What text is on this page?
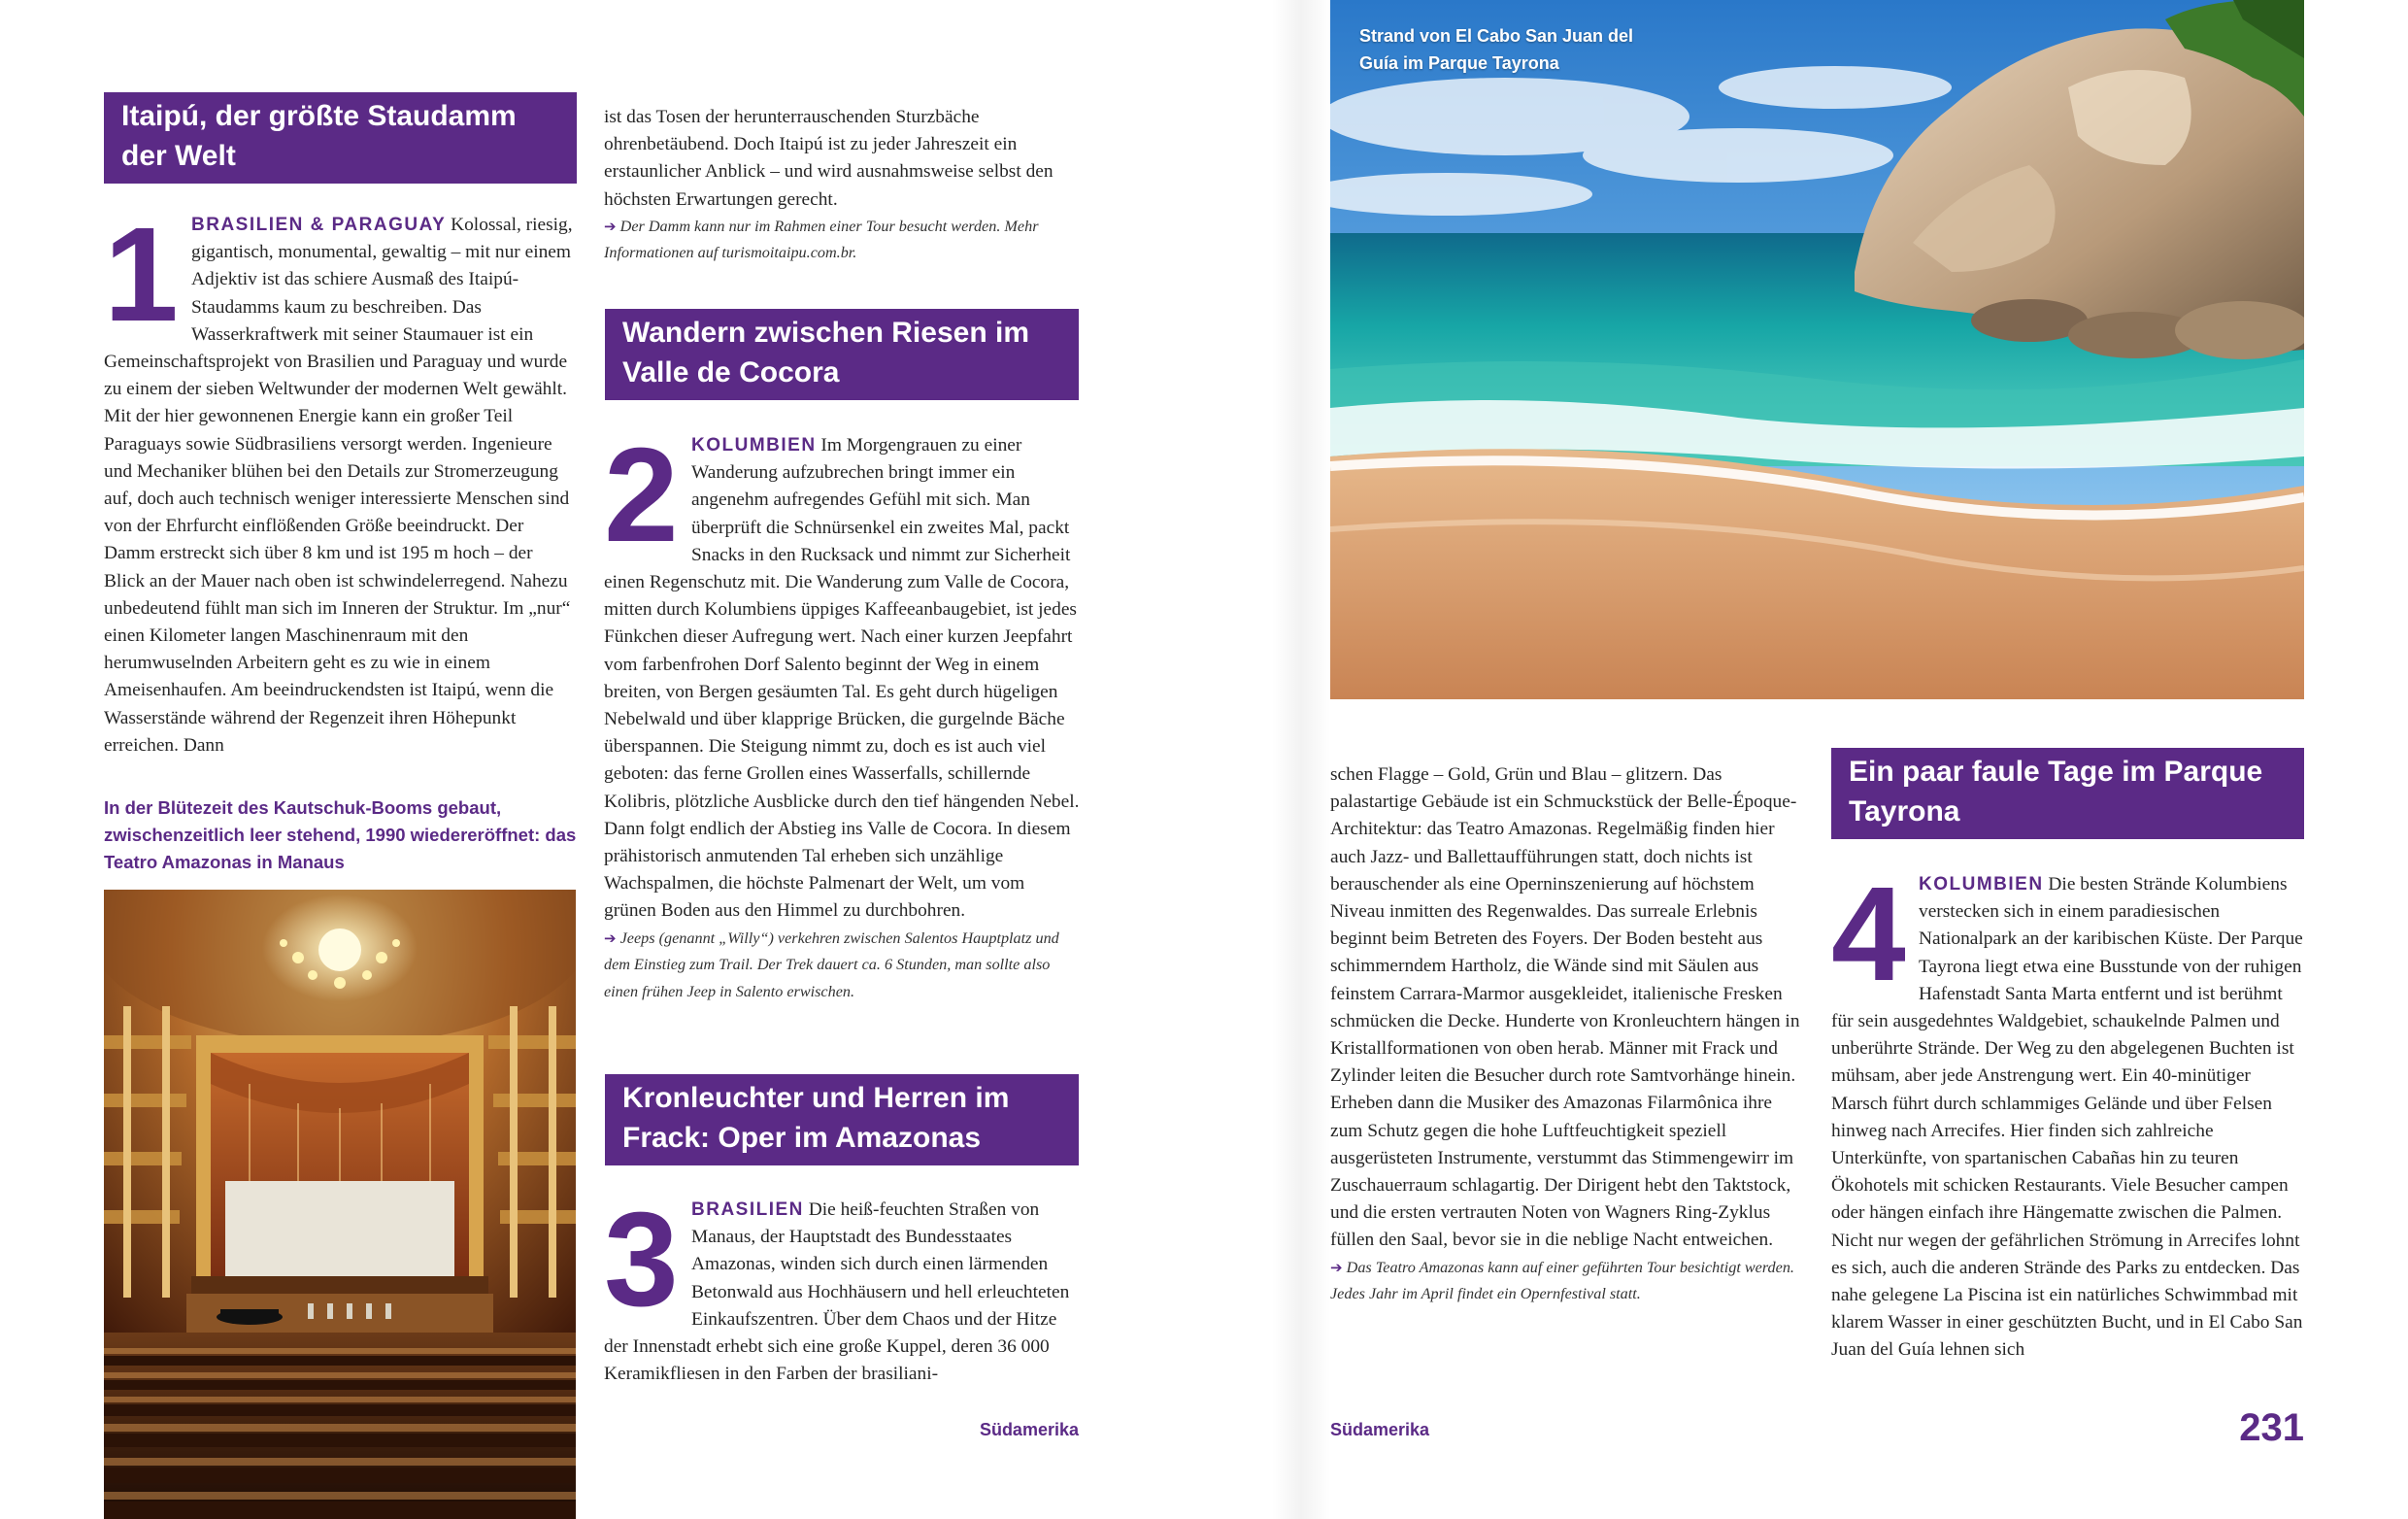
Itaipú, der größte Staudamm der Welt
1 BRASILIEN & PARAGUAY Kolossal, riesig, gigantisch, monumental, gewaltig – mit nur einem Adjektiv ist das schiere Ausmaß des Itaipú-Staudamms kaum zu beschreiben. Das Wasserkraftwerk mit seiner Staumauer ist ein Gemeinschaftsprojekt von Brasilien und Paraguay und wurde zu einem der sieben Weltwunder der modernen Welt gewählt. Mit der hier gewonnenen Energie kann ein großer Teil Paraguays sowie Südbrasiliens versorgt werden. Ingenieure und Mechaniker blühen bei den Details zur Stromerzeugung auf, doch auch technisch weniger interessierte Menschen sind von der Ehrfurcht einflößenden Größe beeindruckt. Der Damm erstreckt sich über 8 km und ist 195 m hoch – der Blick an der Mauer nach oben ist schwindelerregend. Nahezu unbedeutend fühlt man sich im Inneren der Struktur. Im „nur“ einen Kilometer langen Maschinenraum mit den herumwuselnden Arbeitern geht es zu wie in einem Ameisenhaufen. Am beeindruckendsten ist Itaipú, wenn die Wasserstände während der Regenzeit ihren Höhepunkt erreichen. Dann
In der Blütezeit des Kautschuk-Booms gebaut, zwischenzeitlich leer stehend, 1990 wiedereröffnet: das Teatro Amazonas in Manaus

ist das Tosen der herunterrauschenden Sturzbäche ohrenbetäubend. Doch Itaipú ist zu jeder Jahreszeit ein erstaunlicher Anblick – und wird ausnahmsweise selbst den höchsten Erwartungen gerecht.

➔ Der Damm kann nur im Rahmen einer Tour besucht werden. Mehr Informationen auf turismoitaipu.com.br.

Wandern zwischen Riesen im Valle de Cocora
2 KOLUMBIEN Im Morgengrauen zu einer Wanderung aufzubrechen bringt immer ein angenehm aufregendes Gefühl mit sich. Man überprüft die Schnürsenkel ein zweites Mal, packt Snacks in den Rucksack und nimmt zur Sicherheit einen Regenschutz mit. Die Wanderung zum Valle de Cocora, mitten durch Kolumbiens üppiges Kaffeeanbaugebiet, ist jedes Fünkchen dieser Aufregung wert. Nach einer kurzen Jeepfahrt vom farbenfrohen Dorf Salento beginnt der Weg in einem breiten, von Bergen gesäumten Tal. Es geht durch hügeligen Nebelwald und über klapprige Brücken, die gurgelnde Bäche überspannen. Die Steigung nimmt zu, doch es ist auch viel geboten: das ferne Grollen eines Wasserfalls, schillernde Kolibris, plötzliche Ausblicke durch den tief hängenden Nebel. Dann folgt endlich der Abstieg ins Valle de Cocora. In diesem prähistorisch anmutenden Tal erheben sich unzählige Wachspalmen, die höchste Palmenart der Welt, um vom grünen Boden aus den Himmel zu durchbohren.

➔ Jeeps (genannt „Willy“) verkehren zwischen Salentos Hauptplatz und dem Einstieg zum Trail. Der Trek dauert ca. 6 Stunden, man sollte also einen frühen Jeep in Salento erwischen.

Kronleuchter und Herren im Frack: Oper im Amazonas
3 BRASILIEN Die heiß-feuchten Straßen von Manaus, der Hauptstadt des Bundesstaates Amazonas, winden sich durch einen lärmenden Betonwald aus Hochhäusern und hell erleuchteten Einkaufszentren. Über dem Chaos und der Hitze der Innenstadt erhebt sich eine große Kuppel, deren 36 000 Keramikfliesen in den Farben der brasiliani-
Südamerika
Strand von El Cabo San Juan del Guía im Parque Tayrona

schen Flagge – Gold, Grün und Blau – glitzern. Das palastartige Gebäude ist ein Schmuckstück der Belle-Époque-Architektur: das Teatro Amazonas. Regelmäßig finden hier auch Jazz- und Ballettaufführungen statt, doch nichts ist berauschender als eine Operninszenierung auf höchstem Niveau inmitten des Regenwaldes. Das surreale Erlebnis beginnt beim Betreten des Foyers. Der Boden besteht aus schimmerndem Hartholz, die Wände sind mit Säulen aus feinstem Carrara-Marmor ausgekleidet, italienische Fresken schmücken die Decke. Hunderte von Kronleuchtern hängen in Kristallformationen von oben herab. Männer mit Frack und Zylinder leiten die Besucher durch rote Samtvorhänge hinein. Erheben dann die Musiker des Amazonas Filarmônica ihre zum Schutz gegen die hohe Luftfeuchtigkeit speziell ausgerüsteten Instrumente, verstummt das Stimmengewirr im Zuschauerraum schlagartig. Der Dirigent hebt den Taktstock, und die ersten vertrauten Noten von Wagners Ring-Zyklus füllen den Saal, bevor sie in die neblige Nacht entweichen.

➔ Das Teatro Amazonas kann auf einer geführten Tour besichtigt werden. Jedes Jahr im April findet ein Opernfestival statt.

Ein paar faule Tage im Parque Tayrona
4 KOLUMBIEN Die besten Strände Kolumbiens verstecken sich in einem paradiesischen Nationalpark an der karibischen Küste. Der Parque Tayrona liegt etwa eine Busstunde von der ruhigen Hafenstadt Santa Marta entfernt und ist berühmt für sein ausgedehntes Waldgebiet, schaukelnde Palmen und unberührte Strände. Der Weg zu den abgelegenen Buchten ist mühsam, aber jede Anstrengung wert. Ein 40-minütiger Marsch führt durch schlammiges Gelände und über Felsen hinweg nach Arrecifes. Hier finden sich zahlreiche Unterkünfte, von spartanischen Cabañas hin zu teuren Ökohotels mit schicken Restaurants. Viele Besucher campen oder hängen einfach ihre Hängematte zwischen die Palmen. Nicht nur wegen der gefährlichen Strömung in Arrecifes lohnt es sich, auch die anderen Strände des Parks zu entdecken. Das nahe gelegene La Piscina ist ein natürliches Schwimmbad mit klarem Wasser in einer geschützten Bucht, und in El Cabo San Juan del Guía lehnen sich
Südamerika	231
